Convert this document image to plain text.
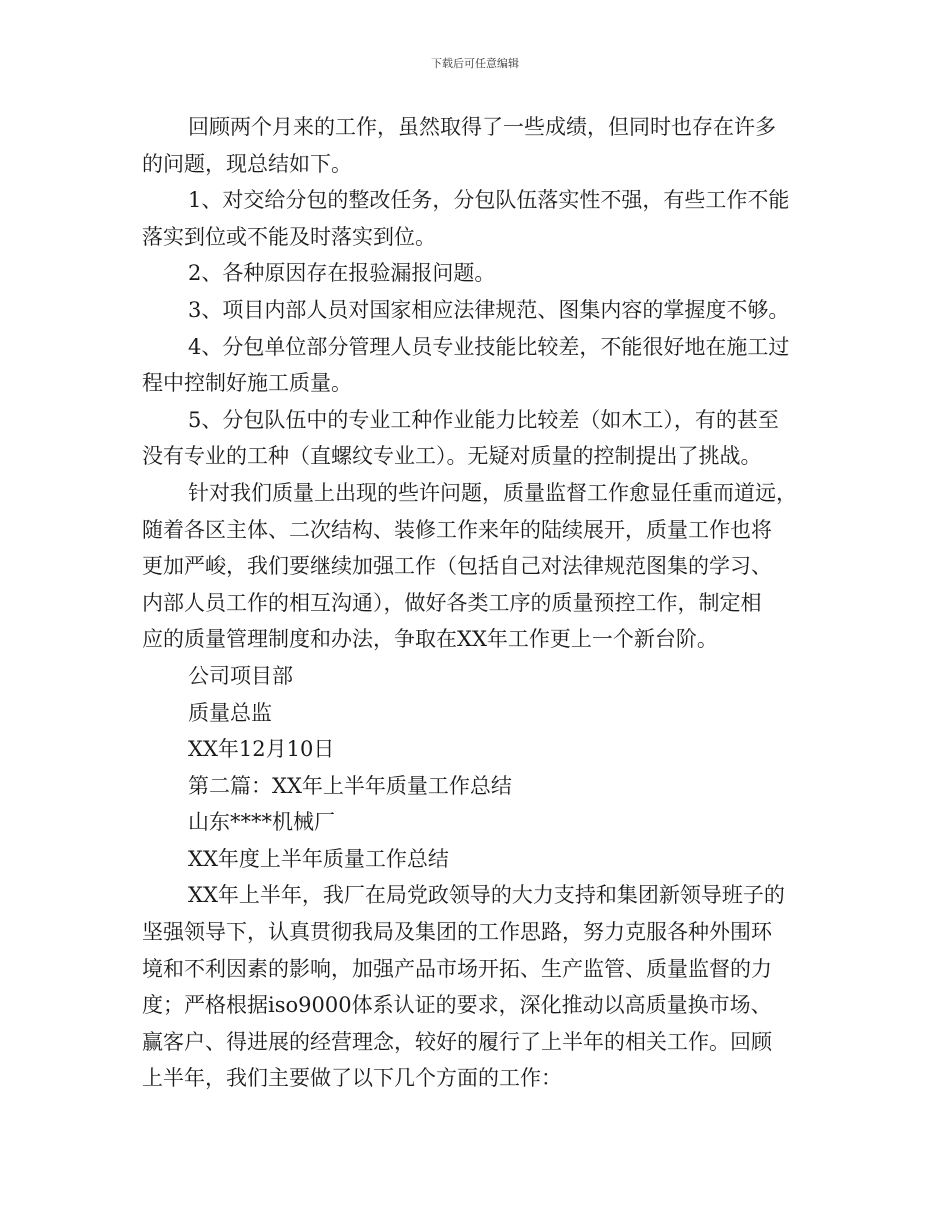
下载后可任意编辑
回顾两个月来的工作，虽然取得了一些成绩，但同时也存在许多
的问题，现总结如下。
1、对交给分包的整改任务，分包队伍落实性不强，有些工作不能
落实到位或不能及时落实到位。
2、各种原因存在报验漏报问题。
3、项目内部人员对国家相应法律规范、图集内容的掌握度不够。
4、分包单位部分管理人员专业技能比较差，不能很好地在施工过
程中控制好施工质量。
5、分包队伍中的专业工种作业能力比较差（如木工），有的甚至
没有专业的工种（直螺纹专业工）。无疑对质量的控制提出了挑战。
针对我们质量上出现的些许问题，质量监督工作愈显任重而道远，
随着各区主体、二次结构、装修工作来年的陆续展开，质量工作也将
更加严峻，我们要继续加强工作（包括自己对法律规范图集的学习、
内部人员工作的相互沟通），做好各类工序的质量预控工作，制定相
应的质量管理制度和办法，争取在XX年工作更上一个新台阶。
公司项目部
质量总监
XX年12月10日
第二篇：XX年上半年质量工作总结
山东****机械厂
XX年度上半年质量工作总结
XX年上半年，我厂在局党政领导的大力支持和集团新领导班子的
坚强领导下，认真贯彻我局及集团的工作思路，努力克服各种外围环
境和不利因素的影响，加强产品市场开拓、生产监管、质量监督的力
度；严格根据iso9000体系认证的要求，深化推动以高质量换市场、
赢客户、得进展的经营理念，较好的履行了上半年的相关工作。回顾
上半年，我们主要做了以下几个方面的工作：
